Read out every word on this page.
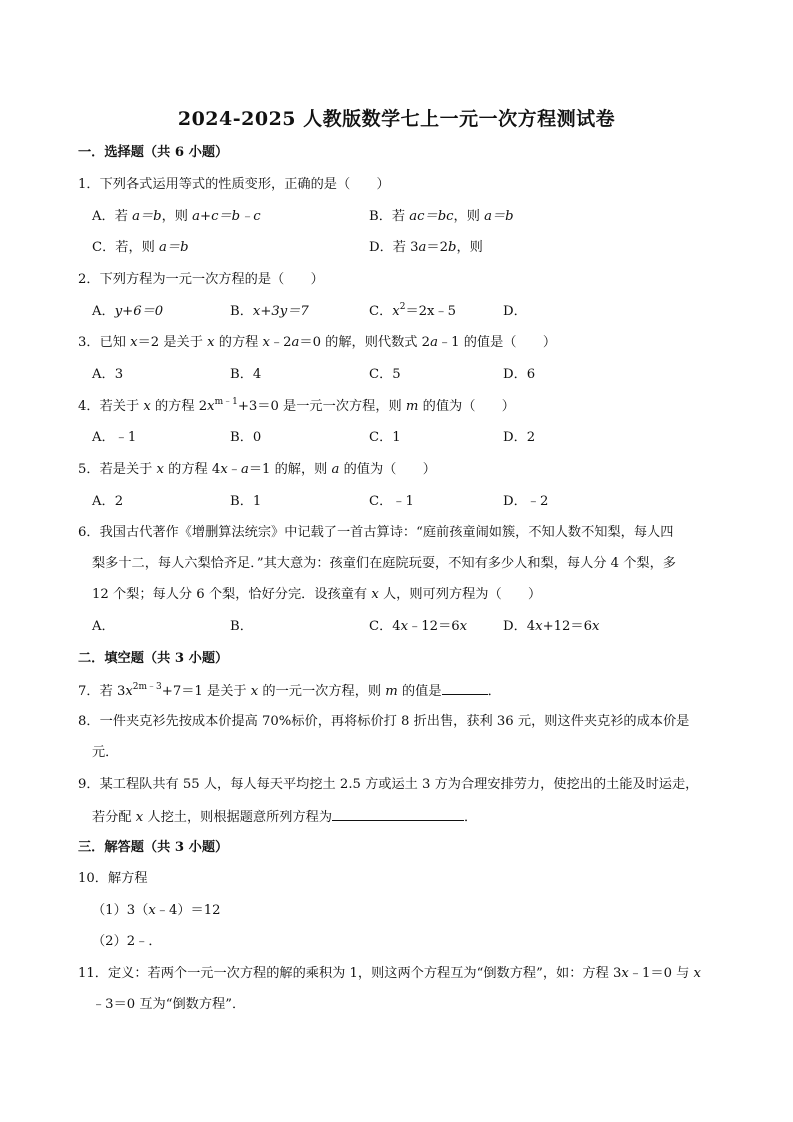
2024-2025 人教版数学七上一元一次方程测试卷
一．选择题（共 6 小题）
1．下列各式运用等式的性质变形，正确的是（　　）
A．若 a＝b，则 a+c＝b﹣c	B．若 ac＝bc，则 a＝b
C．若，则 a＝b	D．若 3a＝2b，则
2．下列方程为一元一次方程的是（　　）
A．y+6＝0	B．x+3y＝7	C．$x^2=2x﹣5$	D．
3．已知 x＝2 是关于 x 的方程 x﹣2a＝0 的解，则代数式 2a﹣1 的值是（　　）
A．3	B．4	C．5	D．6
4．若关于 x 的方程 $2x^{m﹣1}+3=0$ 是一元一次方程，则 m 的值为（　　）
A．﹣1	B．0	C．1	D．2
5．若是关于 x 的方程 4x﹣a＝1 的解，则 a 的值为（　　）
A．2	B．1	C．﹣1	D．﹣2
6．我国古代著作《增删算法统宗》中记载了一首古算诗：“庭前孩童闹如簇，不知人数不知梨，每人四
梨多十二，每人六梨恰齐足．”其大意为：孩童们在庭院玩耍，不知有多少人和梨，每人分 4 个梨，多
12 个梨；每人分 6 个梨，恰好分完．设孩童有 x 人，则可列方程为（　　）
A．	B．	C．4x﹣12＝6x	D．4x+12＝6x
二．填空题（共 3 小题）
7．若 $3x^{2m﹣3}+7=1$ 是关于 x 的一元一次方程，则 m 的值是	．
8．一件夹克衫先按成本价提高 70%标价，再将标价打 8 折出售，获利 36 元，则这件夹克衫的成本价是
元．
9．某工程队共有 55 人，每人每天平均挖土 2.5 方或运土 3 方为合理安排劳力，使挖出的土能及时运走，
若分配 x 人挖土，则根据题意所列方程为	．
三．解答题（共 3 小题）
10．解方程
（1）3（x﹣4）＝12
（2）2﹣．
11．定义：若两个一元一次方程的解的乘积为 1，则这两个方程互为“倒数方程”，如：方程 3x﹣1＝0 与 x
﹣3＝0 互为“倒数方程”．
